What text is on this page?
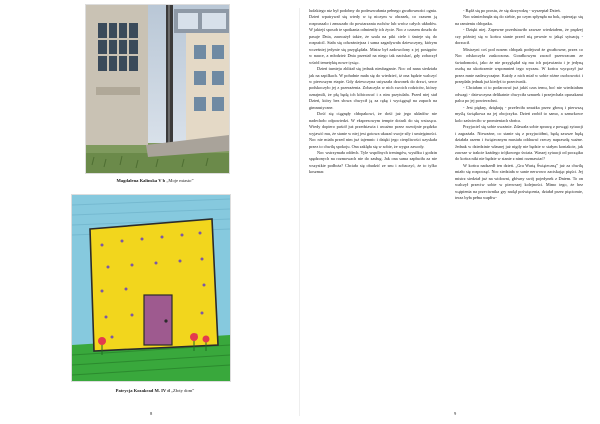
Magdalena Kalinska V b „Moje miasto”
Patrycja Kozakrad M. IV d „Złoty dom”
8

ludzkiego niz był podobny do podeszwałania pełnego gwałtowności ognia. Dzień wpatrywał się wtedy w tę niczym w obrazek, co czasem ją rozpraszalo i zmuszało do powtarzania ruchów lub wrócz całych układów. W jakiejś sposob te spotkania odmieniły ich życie. Noc z czasem doszła do pasuje Dnia, zauważył także, że szala na piki ciele i śmieje się do rozpuścil. Stała się odważniejsza i sama zagadywała dziewczyny, którym wcześniej jedynie się przyglądała. Mistrz był zadowolony z jej postępów w nauce, a młodzież Dnia przestał na niego tak naciskać, gdy zobaczył wśród temetyktę nowe tysiąc.

Dzień turnieju zbliżał się jednak nieubaganie. Noc od nana siedziała jak na szpilkach. W południe mała się do wiedzieć, iż ona będzie walczyć w pierwszym etapie. Gdy dziewczyna ustyszała dzwonek do drzwi, serce podskoczyło jej z przerażenia. Zobaczyła w nich swoich rodziców, którzy oznajmili, że płą będą ich kibicować i z nim przytulała. Przed niej stał Dzień, który bez słowa chwycił ją za rękę i wyciągnął na zapach na gimnastyczne.

Dość się ciągnęły chłopakowi, że dość już jego układów nie nadechoło odpowiedzi. W ekspresowym tempie dotarli do się wstrzącu. Wtedy dopiero puścił już przedstawia i uważno przez rozwijnie prędzko wyjawić mu, że stanie w niej jest gotowa ukazać swoje siły i umiejętności. Noc nie miała przed nim już tajemnic i dzięki jego cierpliwości uzyskała przez to chwilę spokoju. Ona zaklęła się w sobie, że wygra zawody.

Noc wstrzymała oddech. Tyle wspólnych treningów, wysiłku i godzin spędzonych na rozmowach nie do zasług. Jak ona sama zapłaciła za nie wszystkie podłoża? Chciała się obudzić ze snu i zobaczyć, że to tylko koszmar.

- Bądź się po prostu, że się skrzywdzę - wyszeptał Dzień.

Noc uśmiechnęła się do siebie, po czym spłynęła na bok, opierając się na ramieniu chłopaka.

- Dzięki niej. Zapewne przedstawiło zawsze wiedziałem, że prędzej czy później się w końcu stanie przed nią pewnie w jakąś sytuację - dorzucił.

Mistrzyni coś pod nosem chłopak podejrzał że gwałtowne, przez co Noc odskoczyła zaskoczona. Gorałkowym zaczoł przewracam ze świadomości, jako że nie przyglądał się mu ich pojawianiu i je jedyną osobą na ukończenie wspomnień tego wyrazu. W końcu wyręczył już przez mnie nadzwyczajne. Każdy z nich miał w sobie różne osobowości i przeplała jednak już kiedyś to przeciwnik.

- Chciałam ci to podarować już jakiś czas temu, boć nie wiedziałam odwagi - dziewczyna delikatnie chwyciła sznurek i przejechała opuszkami palca po jej powierzchni.

- Jest piękny, dziękuję - przeleciła smużka przez głowę i pierwszą myślą świątkowa na jej obojczyku. Dzień zrobił to samo, a sznurkowe kolo zaświeciło w promieniach słońca.

Przyjaciel się sobie uważnie. Zdawała sobie sprawę z powągi sytuacji i zagrażała. Nieważne, co stanie się z przyjaciółmi, będą zawsze będą działała razem i świątecznym musiała oddawać rzeczy naprawdę ważne. Jednak w dziedzinie własnej już nigdy nie będzie w stałym kontakcie, jak zawsze w trakcie każdego trójkowego świata. Waszej sytuacji od początku do końca nikt nie będzie w stanie z nimi rozmawiać?

W końcu nadszedł ten dzień. „Gra Wartą Świąteczną” już za chwilę miało się rozpocząć. Noc siedziała w sanie nerwowo zaciskając pięści. Jej mistrz siedział już na widowni, główny swój pojedynek z Dniem. To on walczył przeciw sobie w pierwszej kolejności. Mimo tego, że bez wątpienia na przeciwnika gry nadął poświęcenia, działał przez pięciomie, teraz była pełna wapłiw-

9
